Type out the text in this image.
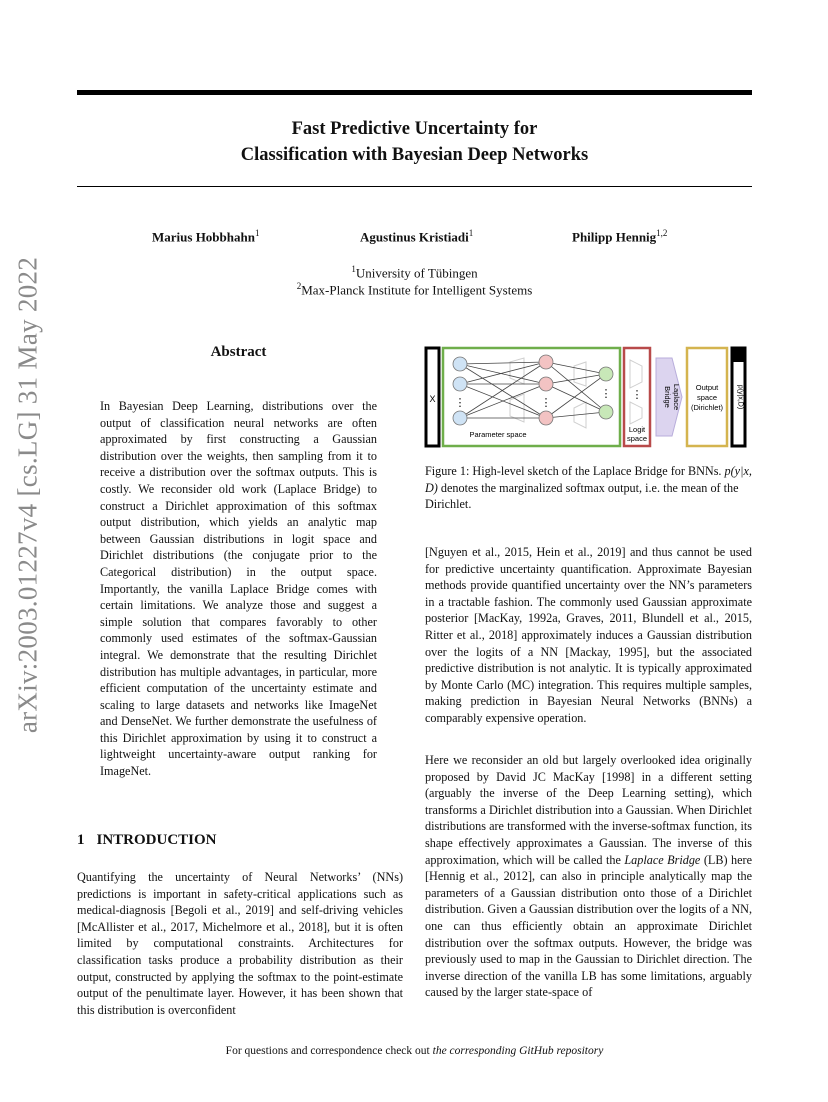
Fast Predictive Uncertainty for
Classification with Bayesian Deep Networks
Marius Hobbhahn$^1$	Agustinus Kristiadi$^1$	Philipp Hennig$^{1,2}$
$^1$University of Tübingen
$^2$Max-Planck Institute for Intelligent Systems
arXiv:2003.01227v4 [cs.LG] 31 May 2022	Abstract
In Bayesian Deep Learning, distributions over the output of classification neural networks are often approximated by first constructing a Gaussian distribution over the weights, then sampling from it to receive a distribution over the softmax outputs. This is costly. We reconsider old work (Laplace Bridge) to construct a Dirichlet approximation of this softmax output distribution, which yields an analytic map between Gaussian distributions in logit space and Dirichlet distributions (the conjugate prior to the Categorical distribution) in the output space. Importantly, the vanilla Laplace Bridge comes with certain limitations. We analyze those and suggest a simple solution that compares favorably to other commonly used estimates of the softmax-Gaussian integral. We demonstrate that the resulting Dirichlet distribution has multiple advantages, in particular, more efficient computation of the uncertainty estimate and scaling to large datasets and networks like ImageNet and DenseNet. We further demonstrate the usefulness of this Dirichlet approximation by using it to construct a lightweight uncertainty-aware output ranking for ImageNet.
X ⋮	⋮
⋮
Parameter space
⋮
Logit
space
Laplace
Bridge	Output
space
(Dirichlet) p(y|x,D)
Figure 1: High-level sketch of the Laplace Bridge for BNNs. p(y|x, D) denotes the marginalized softmax output, i.e. the mean of the Dirichlet.

[Nguyen et al., 2015, Hein et al., 2019] and thus cannot be used for predictive uncertainty quantification. Approximate Bayesian methods provide quantified uncertainty over the NN’s parameters in a tractable fashion. The commonly used Gaussian approximate posterior [MacKay, 1992a, Graves, 2011, Blundell et al., 2015, Ritter et al., 2018] approximately induces a Gaussian distribution over the logits of a NN [Mackay, 1995], but the associated predictive distribution is not analytic. It is typically approximated by Monte Carlo (MC) integration. This requires multiple samples, making prediction in Bayesian Neural Networks (BNNs) a comparably expensive operation.

Here we reconsider an old but largely overlooked idea originally proposed by David JC MacKay [1998] in a different setting (arguably the inverse of the Deep Learning setting), which transforms a Dirichlet distribution into a Gaussian. When Dirichlet distributions are transformed with the inverse-softmax function, its shape effectively approximates a Gaussian. The inverse of this approximation, which will be called the Laplace Bridge (LB) here [Hennig et al., 2012], can also in principle analytically map the parameters of a Gaussian distribution onto those of a Dirichlet distribution. Given a Gaussian distribution over the logits of a NN, one can thus efficiently obtain an approximate Dirichlet distribution over the softmax outputs. However, the bridge was previously used to map in the Gaussian to Dirichlet direction. The inverse direction of the vanilla LB has some limitations, arguably caused by the larger state-space of

1 INTRODUCTION

Quantifying the uncertainty of Neural Networks’ (NNs) predictions is important in safety-critical applications such as medical-diagnosis [Begoli et al., 2019] and self-driving vehicles [McAllister et al., 2017, Michelmore et al., 2018], but it is often limited by computational constraints. Architectures for classification tasks produce a probability distribution as their output, constructed by applying the softmax to the point-estimate output of the penultimate layer. However, it has been shown that this distribution is overconfident

For questions and correspondence check out the corresponding GitHub repository
